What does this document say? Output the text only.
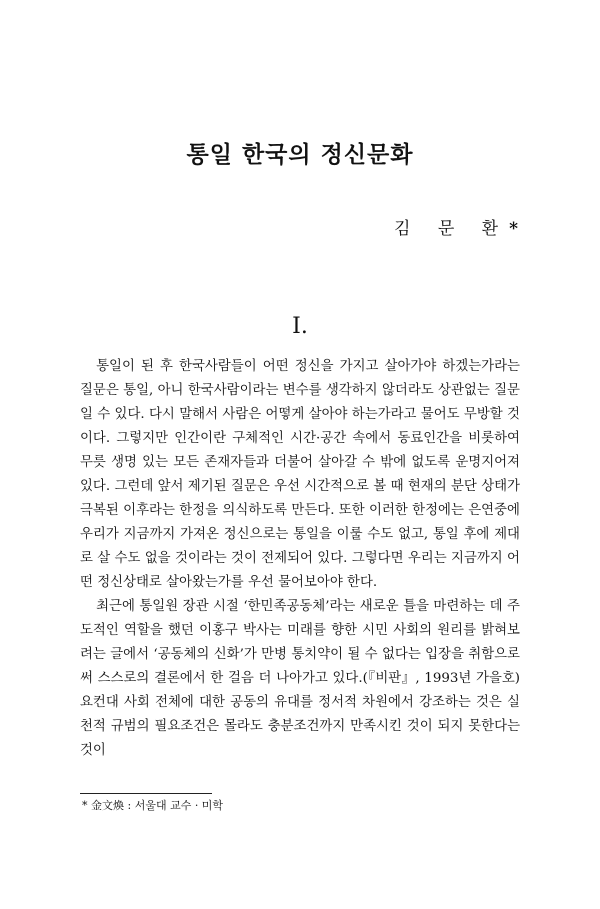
통일 한국의 정신문화
김 문 환*
I.

통일이 된 후 한국사람들이 어떤 정신을 가지고 살아가야 하겠는가라는 질문은 통일, 아니 한국사람이라는 변수를 생각하지 않더라도 상관없는 질문일 수 있다. 다시 말해서 사람은 어떻게 살아야 하는가라고 물어도 무방할 것이다. 그렇지만 인간이란 구체적인 시간·공간 속에서 동료인간을 비롯하여 무릇 생명 있는 모든 존재자들과 더불어 살아갈 수 밖에 없도록 운명지어져 있다. 그런데 앞서 제기된 질문은 우선 시간적으로 볼 때 현재의 분단 상태가 극복된 이후라는 한정을 의식하도록 만든다. 또한 이러한 한정에는 은연중에 우리가 지금까지 가져온 정신으로는 통일을 이룰 수도 없고, 통일 후에 제대로 살 수도 없을 것이라는 것이 전제되어 있다. 그렇다면 우리는 지금까지 어떤 정신상태로 살아왔는가를 우선 물어보아야 한다.

최근에 통일원 장관 시절 ‘한민족공동체’라는 새로운 틀을 마련하는 데 주도적인 역할을 했던 이홍구 박사는 미래를 향한 시민 사회의 원리를 밝혀보려는 글에서 ‘공동체의 신화’가 만병 통치약이 될 수 없다는 입장을 취함으로써 스스로의 결론에서 한 걸음 더 나아가고 있다.(『비판』, 1993년 가을호) 요컨대 사회 전체에 대한 공동의 유대를 정서적 차원에서 강조하는 것은 실천적 규범의 필요조건은 몰라도 충분조건까지 만족시킨 것이 되지 못한다는 것이

* 金文煥 : 서울대 교수 · 미학
